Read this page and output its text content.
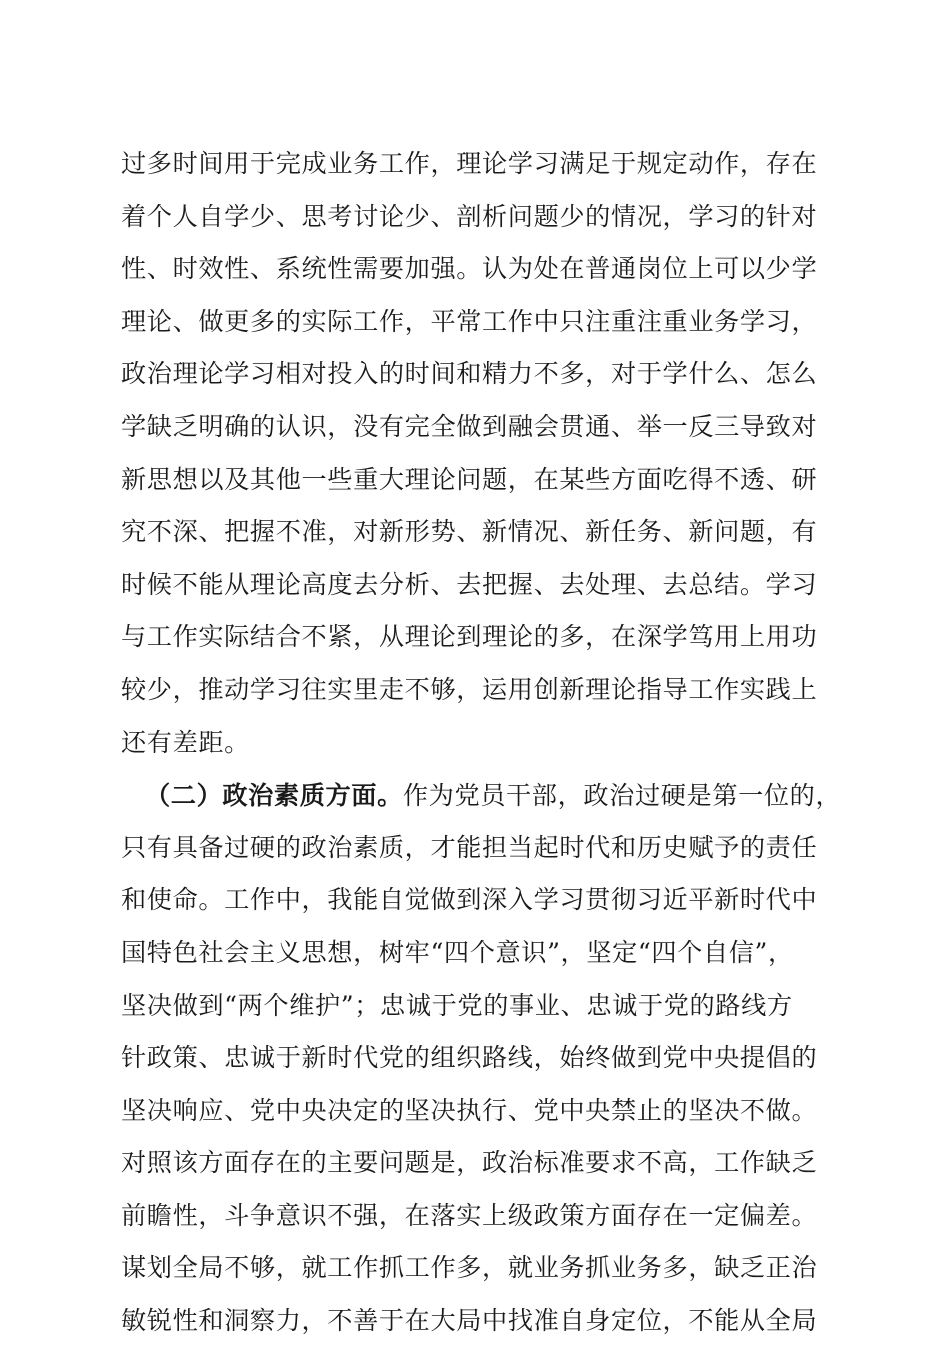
过多时间用于完成业务工作，理论学习满足于规定动作，存在
着个人自学少、思考讨论少、剖析问题少的情况，学习的针对
性、时效性、系统性需要加强。认为处在普通岗位上可以少学
理论、做更多的实际工作，平常工作中只注重注重业务学习，
政治理论学习相对投入的时间和精力不多，对于学什么、怎么
学缺乏明确的认识，没有完全做到融会贯通、举一反三导致对
新思想以及其他一些重大理论问题，在某些方面吃得不透、研
究不深、把握不准，对新形势、新情况、新任务、新问题，有
时候不能从理论高度去分析、去把握、去处理、去总结。学习
与工作实际结合不紧，从理论到理论的多，在深学笃用上用功
较少，推动学习往实里走不够，运用创新理论指导工作实践上
还有差距。
（二）政治素质方面。作为党员干部，政治过硬是第一位的，
只有具备过硬的政治素质，才能担当起时代和历史赋予的责任
和使命。工作中，我能自觉做到深入学习贯彻习近平新时代中
国特色社会主义思想，树牢“四个意识”，坚定“四个自信”，
坚决做到“两个维护”；忠诚于党的事业、忠诚于党的路线方
针政策、忠诚于新时代党的组织路线，始终做到党中央提倡的
坚决响应、党中央决定的坚决执行、党中央禁止的坚决不做。
对照该方面存在的主要问题是，政治标准要求不高，工作缺乏
前瞻性，斗争意识不强，在落实上级政策方面存在一定偏差。
谋划全局不够，就工作抓工作多，就业务抓业务多，缺乏正治
敏锐性和洞察力，不善于在大局中找准自身定位，不能从全局
